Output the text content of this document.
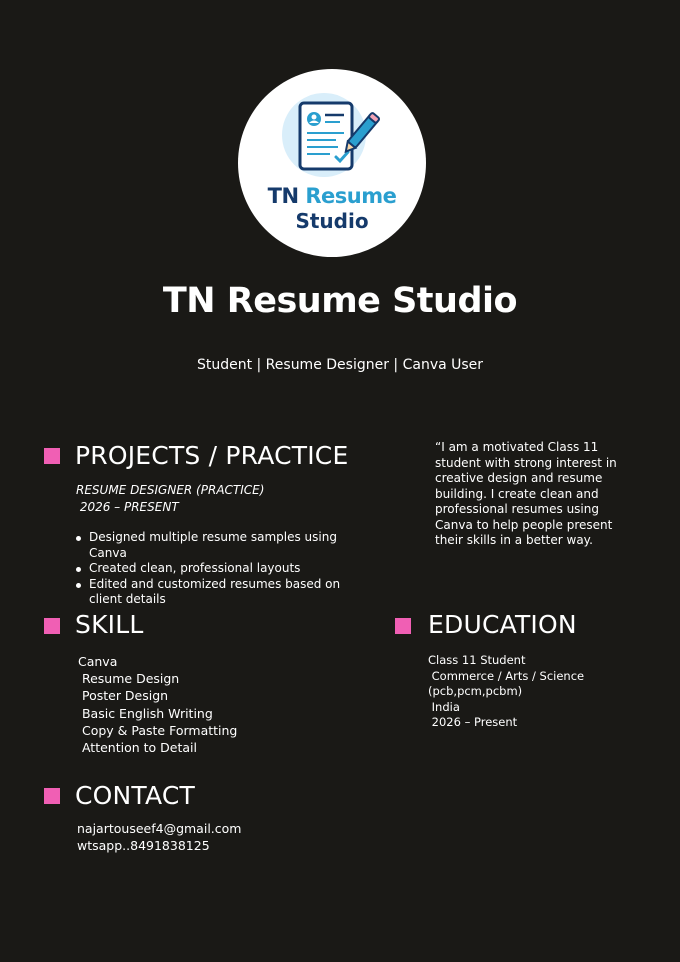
TN Resume
Studio
TN Resume Studio
Student | Resume Designer | Canva User
PROJECTS / PRACTICE
RESUME DESIGNER (PRACTICE)
2026 – PRESENT
Designed multiple resume samples using Canva
Created clean, professional layouts
Edited and customized resumes based on client details
“I am a motivated Class 11 student with strong interest in creative design and resume building. I create clean and professional resumes using Canva to help people present their skills in a better way.
SKILL
Canva
Resume Design
Poster Design
Basic English Writing
Copy & Paste Formatting
Attention to Detail
EDUCATION
Class 11 Student
Commerce / Arts / Science
(pcb,pcm,pcbm)
India
2026 – Present
CONTACT
najartouseef4@gmail.com
wtsapp..8491838125
